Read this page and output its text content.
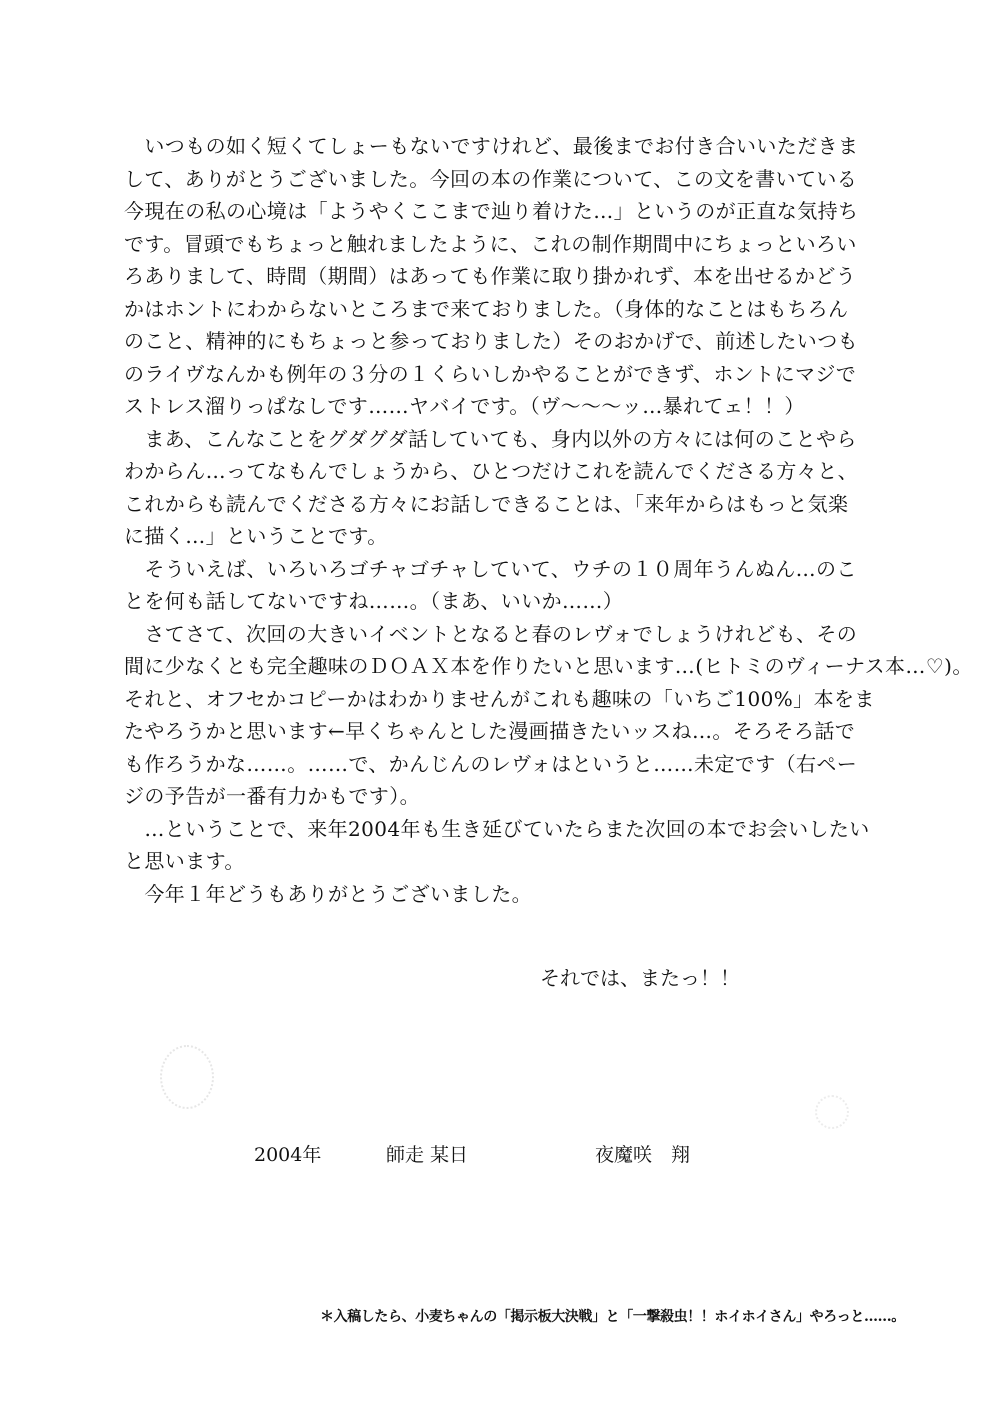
　いつもの如く短くてしょーもないですけれど、最後までお付き合いいただきま
して、ありがとうございました。今回の本の作業について、この文を書いている
今現在の私の心境は「ようやくここまで辿り着けた…」というのが正直な気持ち
です。冒頭でもちょっと触れましたように、これの制作期間中にちょっといろい
ろありまして、時間（期間）はあっても作業に取り掛かれず、本を出せるかどう
かはホントにわからないところまで来ておりました。（身体的なことはもちろん
のこと、精神的にもちょっと参っておりました）そのおかげで、前述したいつも
のライヴなんかも例年の３分の１くらいしかやることができず、ホントにマジで
ストレス溜りっぱなしです……ヤバイです。（ヴ～～～ッ…暴れてェ！！）
　まあ、こんなことをグダグダ話していても、身内以外の方々には何のことやら
わからん…ってなもんでしょうから、ひとつだけこれを読んでくださる方々と、
これからも読んでくださる方々にお話しできることは、「来年からはもっと気楽
に描く…」ということです。
　そういえば、いろいろゴチャゴチャしていて、ウチの１０周年うんぬん…のこ
とを何も話してないですね……。（まあ、いいか……）
　さてさて、次回の大きいイベントとなると春のレヴォでしょうけれども、その
間に少なくとも完全趣味のＤＯＡＸ本を作りたいと思います…(ヒトミのヴィーナス本…♡)。
それと、オフセかコピーかはわかりませんがこれも趣味の「いちご100%」本をま
たやろうかと思います←早くちゃんとした漫画描きたいッスね…。そろそろ話で
も作ろうかな……。……で、かんじんのレヴォはというと……未定です（右ペー
ジの予告が一番有力かもです）。
　…ということで、来年2004年も生き延びていたらまた次回の本でお会いしたい
と思います。
　今年１年どうもありがとうございました。
それでは、またっ！！
2004年	師走 某日	夜魔咲　翔
＊入稿したら、小麦ちゃんの「掲示板大決戦」と「一撃殺虫！！ホイホイさん」やろっと……。
